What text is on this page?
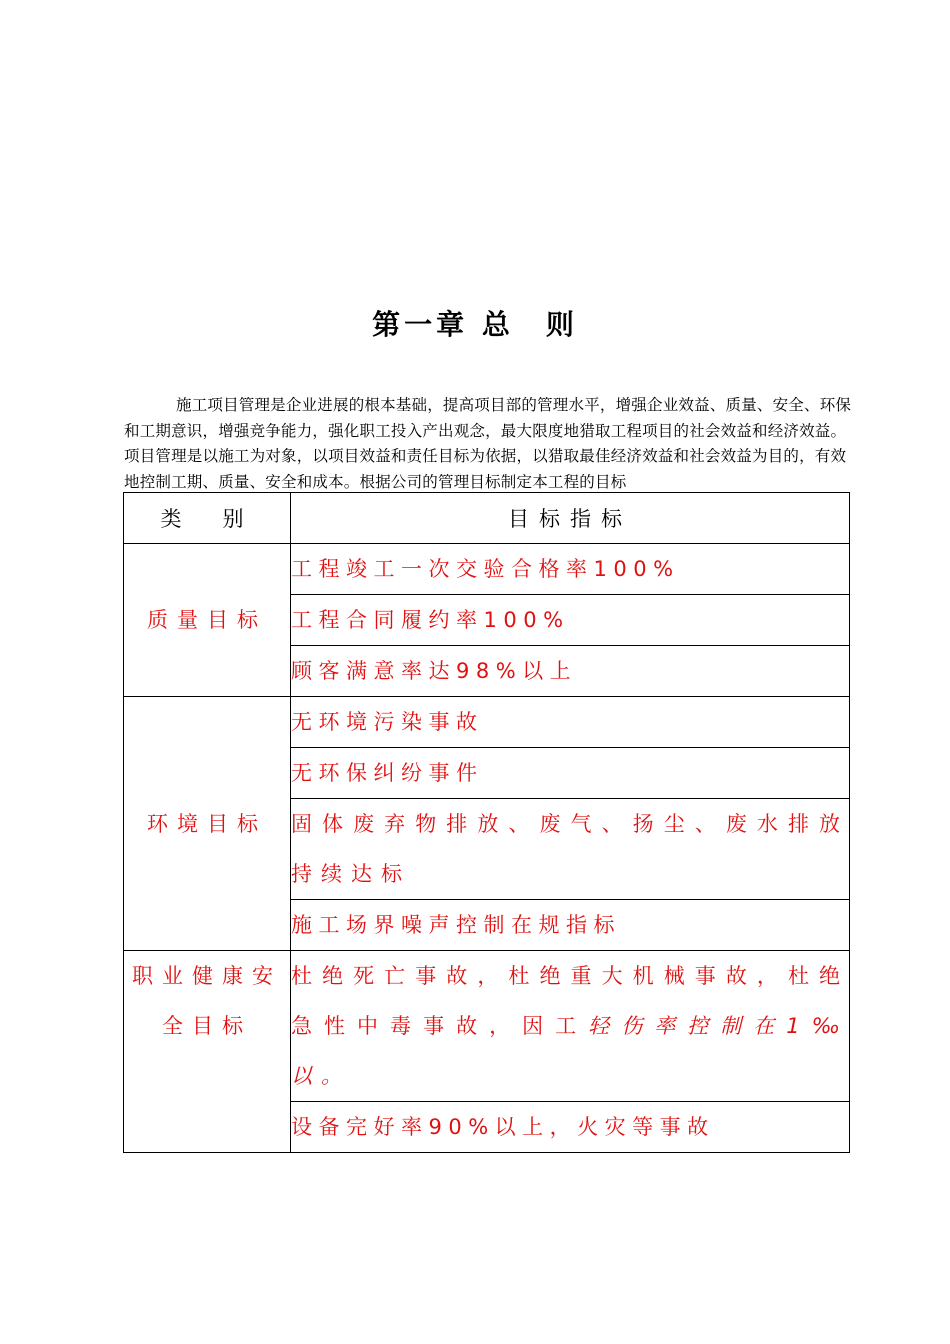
第一章 总　则

施工项目管理是企业进展的根本基础，提高项目部的管理水平，增强企业效益、质量、安全、环保和工期意识，增强竞争能力，强化职工投入产出观念，最大限度地猎取工程项目的社会效益和经济效益。项目管理是以施工为对象，以项目效益和责任目标为依据，以猎取最佳经济效益和社会效益为目的，有效地控制工期、质量、安全和成本。根据公司的管理目标制定本工程的目标

类　别	目标指标
质量目标	工程竣工一次交验合格率100%
	工程合同履约率100%
	顾客满意率达98%以上
环境目标	无环境污染事故
	无环保纠纷事件
	固体废弃物排放、废气、扬尘、废水排放持续达标
	施工场界噪声控制在规指标
职业健康安全目标	杜绝死亡事故，杜绝重大机械事故，杜绝急性中毒事故，因工轻伤率控制在1‰以。
	设备完好率90%以上，火灾等事故
